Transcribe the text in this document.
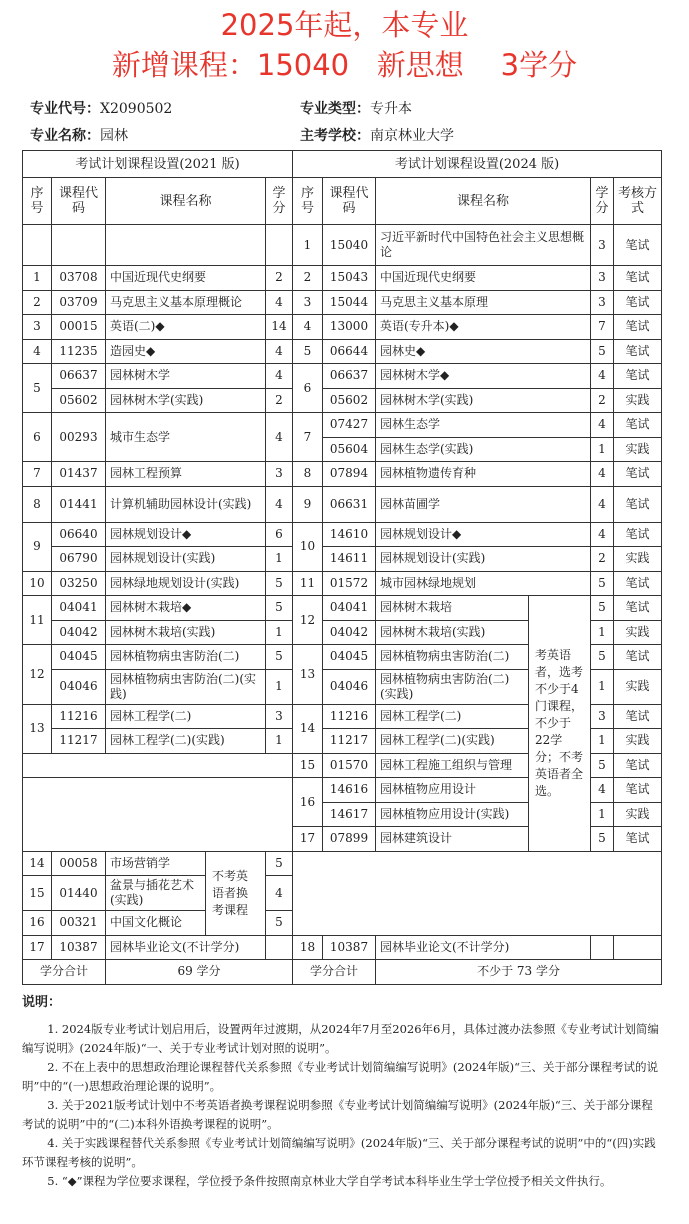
2025年起，本专业
新增课程：15040   新思想    3学分
专业代号：X2090502	专业类型：专升本
专业名称：园林	主考学校：南京林业大学
考试计划课程设置(2021 版)					考试计划课程设置(2024 版)					
序号	课程代码	课程名称		学分	序号	课程代码	课程名称		学分	考核方式
					1	15040	习近平新时代中国特色社会主义思想概论		3	笔试
1	03708	中国近现代史纲要		2	2	15043	中国近现代史纲要		3	笔试
2	03709	马克思主义基本原理概论		4	3	15044	马克思主义基本原理		3	笔试
3	00015	英语(二)◆		14	4	13000	英语(专升本)◆		7	笔试
4	11235	造园史◆		4	5	06644	园林史◆		5	笔试
5	06637	园林树木学		4	6	06637	园林树木学◆		4	笔试
	05602	园林树木学(实践)		2		05602	园林树木学(实践)		2	实践
6	00293	城市生态学		4	7	07427	园林生态学		4	笔试
						05604	园林生态学(实践)		1	实践
7	01437	园林工程预算		3	8	07894	园林植物遗传育种		4	笔试
8	01441	计算机辅助园林设计(实践)		4	9	06631	园林苗圃学		4	笔试
9	06640	园林规划设计◆		6	10	14610	园林规划设计◆		4	笔试
	06790	园林规划设计(实践)		1		14611	园林规划设计(实践)		2	实践
10	03250	园林绿地规划设计(实践)		5	11	01572	城市园林绿地规划		5	笔试
11	04041	园林树木栽培◆		5	12	04041	园林树木栽培	考英语者，选考不少于4门课程，不少于22学分；不考英语者全选。	5	笔试
	04042	园林树木栽培(实践)		1		04042	园林树木栽培(实践)		1	实践
12	04045	园林植物病虫害防治(二)		5	13	04045	园林植物病虫害防治(二)		5	笔试
	04046	园林植物病虫害防治(二)(实践)		1		04046	园林植物病虫害防治(二)(实践)		1	实践
13	11216	园林工程学(二)		3	14	11216	园林工程学(二)		3	笔试
	11217	园林工程学(二)(实践)		1		11217	园林工程学(二)(实践)		1	实践
					15	01570	园林工程施工组织与管理		5	笔试
					16	14616	园林植物应用设计		4	笔试
						14617	园林植物应用设计(实践)		1	实践
					17	07899	园林建筑设计		5	笔试
14	00058	市场营销学	不考英语者换考课程	5						
15	01440	盆景与插花艺术(实践)		4						
16	00321	中国文化概论		5						
17	10387	园林毕业论文(不计学分)			18	10387	园林毕业论文(不计学分)			
学分合计		69 学分			学分合计		不少于 73 学分			
说明：

1. 2024版专业考试计划启用后，设置两年过渡期，从2024年7月至2026年6月，具体过渡办法参照《专业考试计划简编编写说明》(2024年版)“一、关于专业考试计划对照的说明”。

2. 不在上表中的思想政治理论课程替代关系参照《专业考试计划简编编写说明》(2024年版)“三、关于部分课程考试的说明”中的“(一)思想政治理论课的说明”。

3. 关于2021版考试计划中不考英语者换考课程说明参照《专业考试计划简编编写说明》(2024年版)“三、关于部分课程考试的说明”中的“(二)本科外语换考课程的说明”。

4. 关于实践课程替代关系参照《专业考试计划简编编写说明》(2024年版)“三、关于部分课程考试的说明”中的“(四)实践环节课程考核的说明”。

5. “◆”课程为学位要求课程，学位授予条件按照南京林业大学自学考试本科毕业生学士学位授予相关文件执行。
